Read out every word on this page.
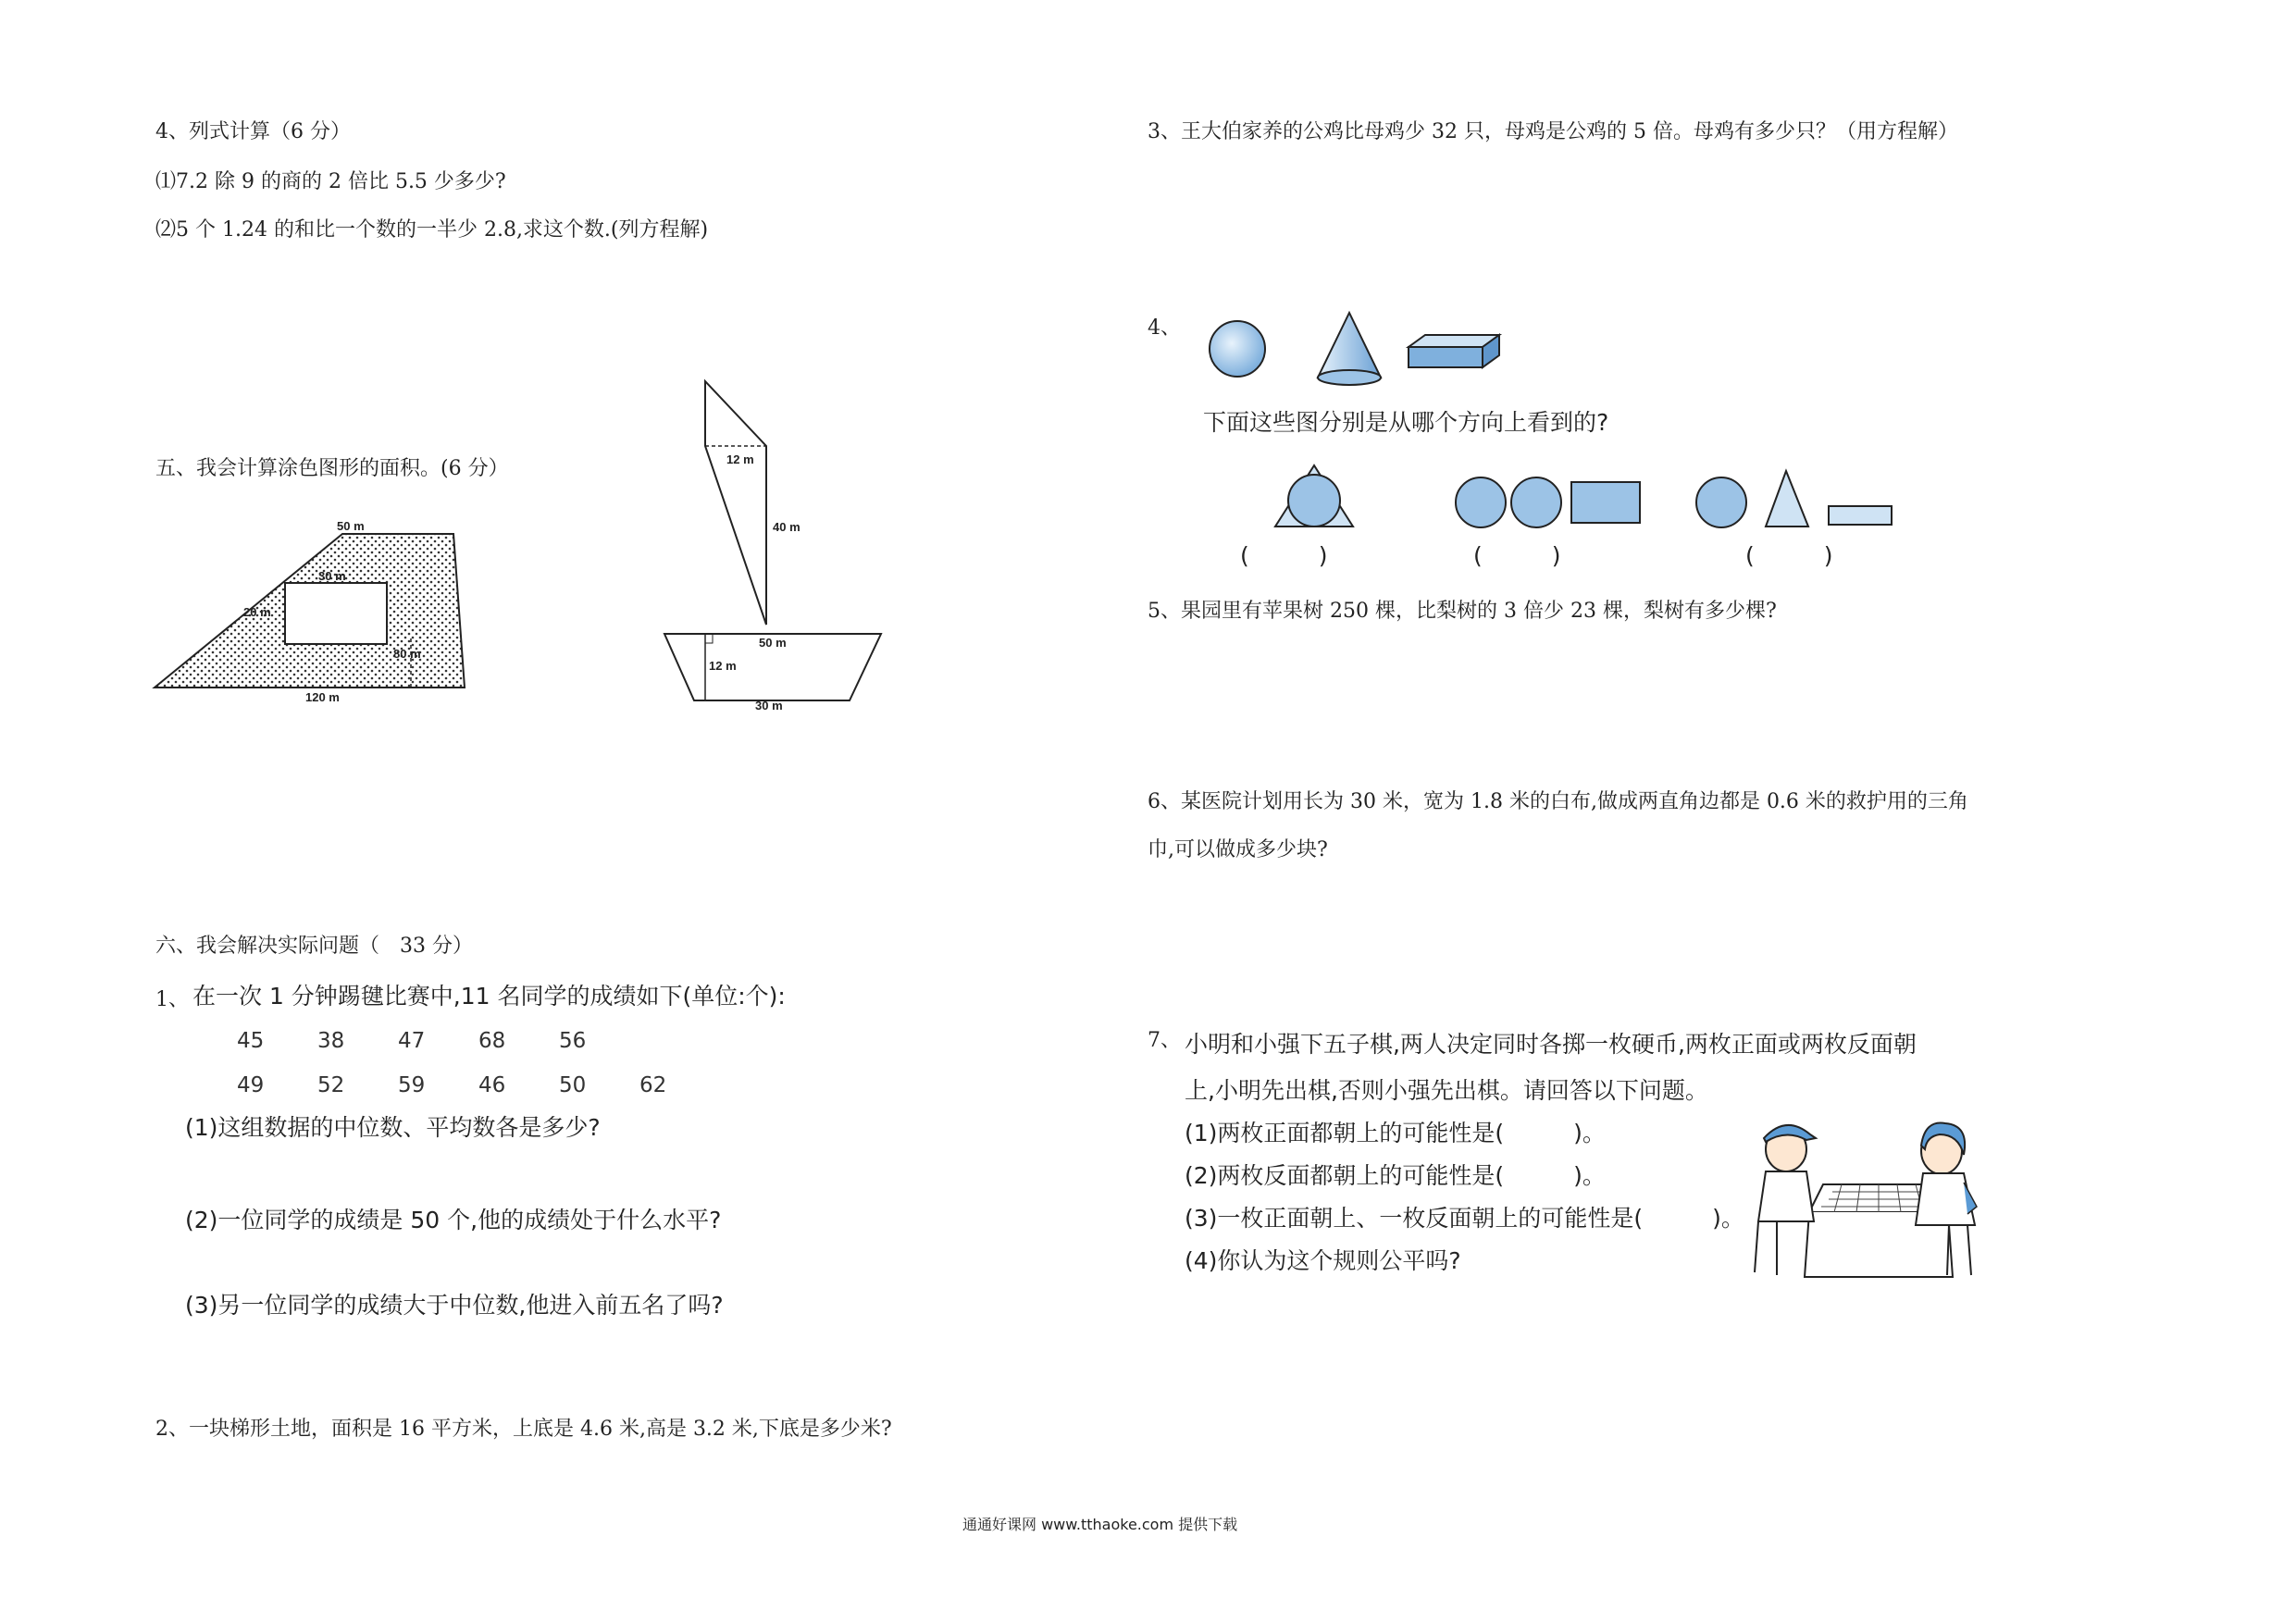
4、列式计算（6 分）
⑴7.2 除 9 的商的 2 倍比 5.5 少多少?
⑵5 个 1.24 的和比一个数的一半少 2.8,求这个数.(列方程解)
五、我会计算涂色图形的面积。(6 分）
50 m
30 m
20 m
80 m
120 m
12 m
40 m
50 m
12 m
30 m
六、我会解决实际问题（　33 分）
1、 在一次 1 分钟踢毽比赛中,11 名同学的成绩如下(单位:个):
45	38	47	68	56
49	52	59	46	50	62
(1)这组数据的中位数、平均数各是多少?
(2)一位同学的成绩是 50 个,他的成绩处于什么水平?
(3)另一位同学的成绩大于中位数,他进入前五名了吗?
2、一块梯形土地，面积是 16 平方米，上底是 4.6 米,高是 3.2 米,下底是多少米?
3、王大伯家养的公鸡比母鸡少 32 只，母鸡是公鸡的 5 倍。母鸡有多少只？（用方程解）
4、
下面这些图分别是从哪个方向上看到的?
(　　　)	(　　　)	(　　　)
5、果园里有苹果树 250 棵，比梨树的 3 倍少 23 棵，梨树有多少棵?
6、某医院计划用长为 30 米，宽为 1.8 米的白布,做成两直角边都是 0.6 米的救护用的三角
巾,可以做成多少块?
7、 小明和小强下五子棋,两人决定同时各掷一枚硬币,两枚正面或两枚反面朝
上,小明先出棋,否则小强先出棋。请回答以下问题。
(1)两枚正面都朝上的可能性是(　　　)。
(2)两枚反面都朝上的可能性是(　　　)。
(3)一枚正面朝上、一枚反面朝上的可能性是(　　　)。
(4)你认为这个规则公平吗?
通通好课网 www.tthaoke.com 提供下载
